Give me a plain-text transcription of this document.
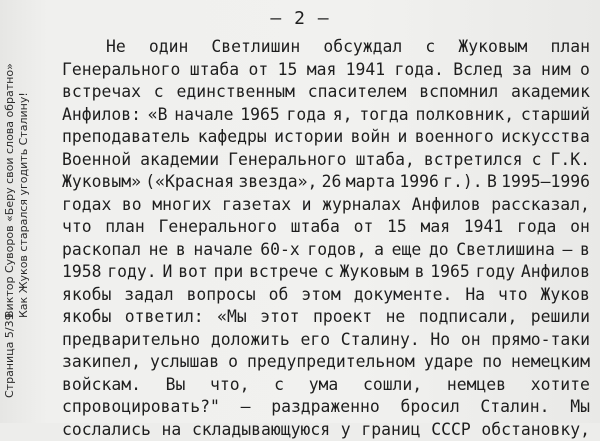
Страница 5/39
Виктор Суворов «Беру свои слова обратно» Как Жуков старался угодить Сталину!
– 2 –
Не один Светлишин обсуждал с Жуковым план
Генерального штаба от 15 мая 1941 года. Вслед за ним о
встречах с единственным спасителем вспомнил академик
Анфилов: «В начале 1965 года я, тогда полковник, старший
преподаватель кафедры истории войн и военного искусства
Военной академии Генерального штаба, встретился с Г.К.
Жуковым» («Красная звезда», 26 марта 1996 г.). В 1995–1996
годах во многих газетах и журналах Анфилов рассказал,
что план Генерального штаба от 15 мая 1941 года он
раскопал не в начале 60-х годов, а еще до Светлишина – в
1958 году. И вот при встрече с Жуковым в 1965 году Анфилов
якобы задал вопросы об этом документе. На что Жуков
якобы ответил: «Мы этот проект не подписали, решили
предварительно доложить его Сталину. Но он прямо-таки
закипел, услышав о предупредительном ударе по немецким
войскам. Вы что, с ума сошли, немцев хотите
спровоцировать?" – раздраженно бросил Сталин. Мы
сослались на складывающуюся у границ СССР обстановку,
